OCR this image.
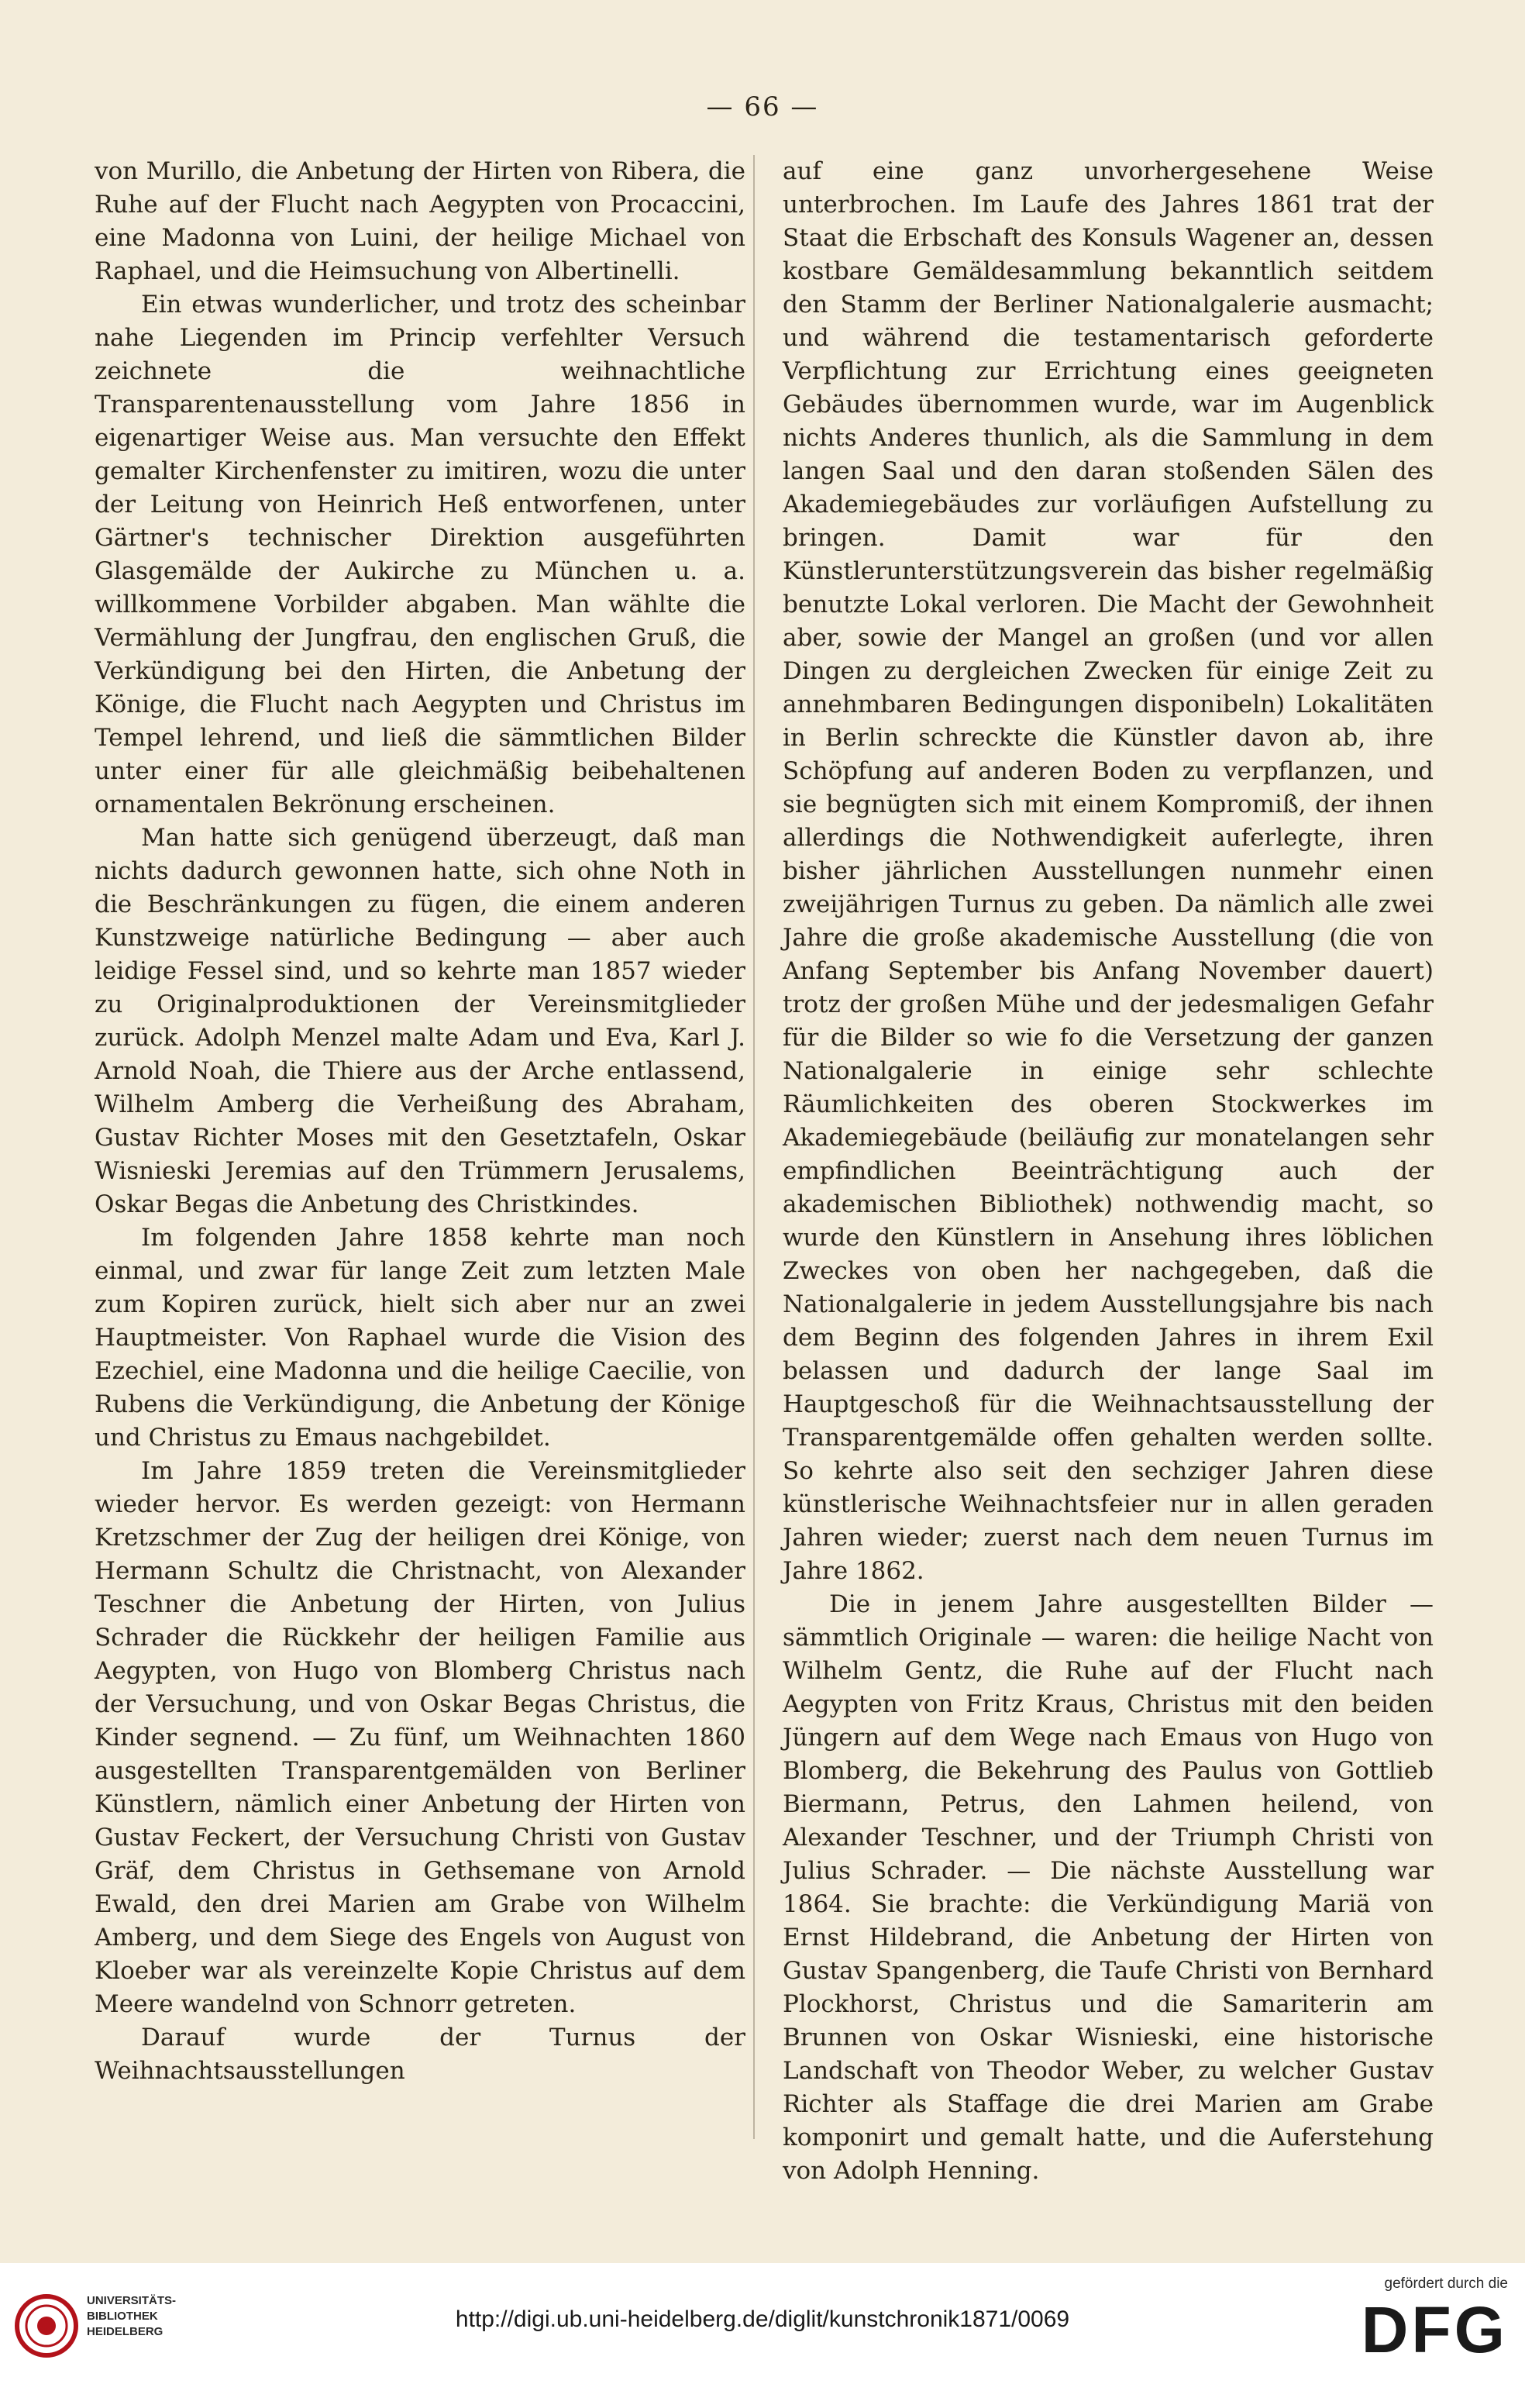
— 66 —

von Murillo, die Anbetung der Hirten von Ribera, die Ruhe auf der Flucht nach Aegypten von Procaccini, eine Madonna von Luini, der heilige Michael von Raphael, und die Heimsuchung von Albertinelli.

Ein etwas wunderlicher, und trotz des scheinbar nahe Liegenden im Princip verfehlter Versuch zeichnete die weihnachtliche Transparentenausstellung vom Jahre 1856 in eigenartiger Weise aus. Man versuchte den Effekt gemalter Kirchenfenster zu imitiren, wozu die unter der Leitung von Heinrich Heß entworfenen, unter Gärtner's technischer Direktion ausgeführten Glasgemälde der Aukirche zu München u. a. willkommene Vorbilder abgaben. Man wählte die Vermählung der Jungfrau, den englischen Gruß, die Verkündigung bei den Hirten, die Anbetung der Könige, die Flucht nach Aegypten und Christus im Tempel lehrend, und ließ die sämmtlichen Bilder unter einer für alle gleichmäßig beibehaltenen ornamentalen Bekrönung erscheinen.

Man hatte sich genügend überzeugt, daß man nichts dadurch gewonnen hatte, sich ohne Noth in die Beschränkungen zu fügen, die einem anderen Kunstzweige natürliche Bedingung — aber auch leidige Fessel sind, und so kehrte man 1857 wieder zu Originalproduktionen der Vereinsmitglieder zurück. Adolph Menzel malte Adam und Eva, Karl J. Arnold Noah, die Thiere aus der Arche entlassend, Wilhelm Amberg die Verheißung des Abraham, Gustav Richter Moses mit den Gesetztafeln, Oskar Wisnieski Jeremias auf den Trümmern Jerusalems, Oskar Begas die Anbetung des Christkindes.

Im folgenden Jahre 1858 kehrte man noch einmal, und zwar für lange Zeit zum letzten Male zum Kopiren zurück, hielt sich aber nur an zwei Hauptmeister. Von Raphael wurde die Vision des Ezechiel, eine Madonna und die heilige Caecilie, von Rubens die Verkündigung, die Anbetung der Könige und Christus zu Emaus nachgebildet.

Im Jahre 1859 treten die Vereinsmitglieder wieder hervor. Es werden gezeigt: von Hermann Kretzschmer der Zug der heiligen drei Könige, von Hermann Schultz die Christnacht, von Alexander Teschner die Anbetung der Hirten, von Julius Schrader die Rückkehr der heiligen Familie aus Aegypten, von Hugo von Blomberg Christus nach der Versuchung, und von Oskar Begas Christus, die Kinder segnend. — Zu fünf, um Weihnachten 1860 ausgestellten Transparentgemälden von Berliner Künstlern, nämlich einer Anbetung der Hirten von Gustav Feckert, der Versuchung Christi von Gustav Gräf, dem Christus in Gethsemane von Arnold Ewald, den drei Marien am Grabe von Wilhelm Amberg, und dem Siege des Engels von August von Kloeber war als vereinzelte Kopie Christus auf dem Meere wandelnd von Schnorr getreten.

Darauf wurde der Turnus der Weihnachtsausstellungen

auf eine ganz unvorhergesehene Weise unterbrochen. Im Laufe des Jahres 1861 trat der Staat die Erbschaft des Konsuls Wagener an, dessen kostbare Gemäldesammlung bekanntlich seitdem den Stamm der Berliner Nationalgalerie ausmacht; und während die testamentarisch geforderte Verpflichtung zur Errichtung eines geeigneten Gebäudes übernommen wurde, war im Augenblick nichts Anderes thunlich, als die Sammlung in dem langen Saal und den daran stoßenden Sälen des Akademiegebäudes zur vorläufigen Aufstellung zu bringen. Damit war für den Künstlerunterstützungsverein das bisher regelmäßig benutzte Lokal verloren. Die Macht der Gewohnheit aber, sowie der Mangel an großen (und vor allen Dingen zu dergleichen Zwecken für einige Zeit zu annehmbaren Bedingungen disponibeln) Lokalitäten in Berlin schreckte die Künstler davon ab, ihre Schöpfung auf anderen Boden zu verpflanzen, und sie begnügten sich mit einem Kompromiß, der ihnen allerdings die Nothwendigkeit auferlegte, ihren bisher jährlichen Ausstellungen nunmehr einen zweijährigen Turnus zu geben. Da nämlich alle zwei Jahre die große akademische Ausstellung (die von Anfang September bis Anfang November dauert) trotz der großen Mühe und der jedesmaligen Gefahr für die Bilder so wie fo die Versetzung der ganzen Nationalgalerie in einige sehr schlechte Räumlichkeiten des oberen Stockwerkes im Akademiegebäude (beiläufig zur monatelangen sehr empfindlichen Beeinträchtigung auch der akademischen Bibliothek) nothwendig macht, so wurde den Künstlern in Ansehung ihres löblichen Zweckes von oben her nachgegeben, daß die Nationalgalerie in jedem Ausstellungsjahre bis nach dem Beginn des folgenden Jahres in ihrem Exil belassen und dadurch der lange Saal im Hauptgeschoß für die Weihnachtsausstellung der Transparentgemälde offen gehalten werden sollte. So kehrte also seit den sechziger Jahren diese künstlerische Weihnachtsfeier nur in allen geraden Jahren wieder; zuerst nach dem neuen Turnus im Jahre 1862.

Die in jenem Jahre ausgestellten Bilder — sämmtlich Originale — waren: die heilige Nacht von Wilhelm Gentz, die Ruhe auf der Flucht nach Aegypten von Fritz Kraus, Christus mit den beiden Jüngern auf dem Wege nach Emaus von Hugo von Blomberg, die Bekehrung des Paulus von Gottlieb Biermann, Petrus, den Lahmen heilend, von Alexander Teschner, und der Triumph Christi von Julius Schrader. — Die nächste Ausstellung war 1864. Sie brachte: die Verkündigung Mariä von Ernst Hildebrand, die Anbetung der Hirten von Gustav Spangenberg, die Taufe Christi von Bernhard Plockhorst, Christus und die Samariterin am Brunnen von Oskar Wisnieski, eine historische Landschaft von Theodor Weber, zu welcher Gustav Richter als Staffage die drei Marien am Grabe komponirt und gemalt hatte, und die Auferstehung von Adolph Henning.

UNIVERSITÄTS-
BIBLIOTHEK
HEIDELBERG	http://digi.ub.uni-heidelberg.de/diglit/kunstchronik1871/0069
gefördert durch die
DFG
